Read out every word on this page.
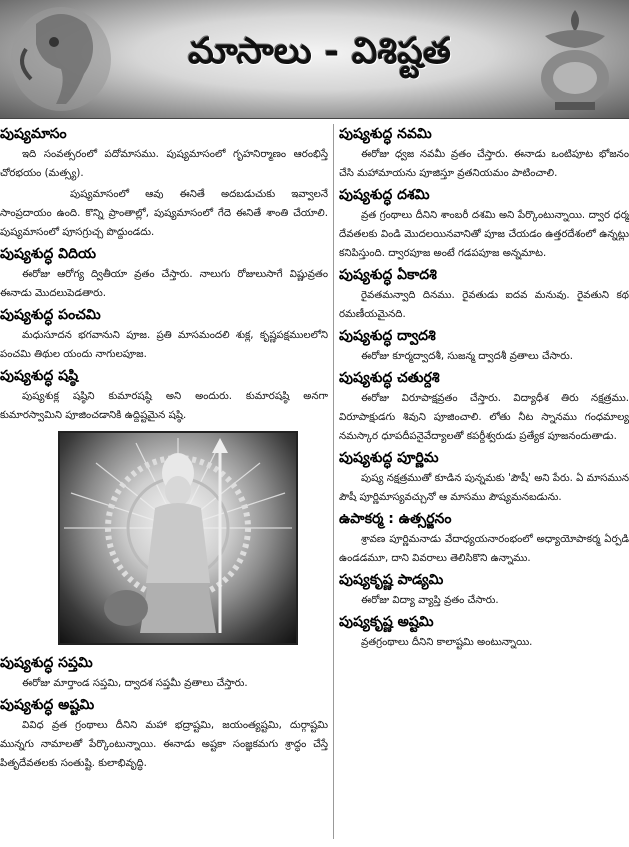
మాసాలు - విశిష్టత
పుష్యమాసం

ఇది సంవత్సరంలో పదోమాసము. పుష్యమాసంలో గృహనిర్మాణం ఆరంభిస్తే చోరభయం (మత్స్య).

పుష్యమాసంలో ఆవు ఈనితే అదబడుచుకు ఇవ్వాలనే సాంప్రదాయం ఉంది. కొన్ని ప్రాంతాల్లో, పుష్యమాసంలో గేదె ఈనితే శాంతి చేయాలి. పుష్యమాసంలో పూసగ్రుచ్చ పొద్దుండదు.

పుష్యశుద్ధ విదియ

ఈరోజు ఆరోగ్య ద్వితీయా వ్రతం చేస్తారు. నాలుగు రోజులుసాగే విష్ణువ్రతం ఈనాడు మొదలుపెడతారు.

పుష్యశుద్ధ పంచమి

మధుసూదన భగవానుని పూజ. ప్రతి మాసమందలి శుక్ల, కృష్ణపక్షములలోని పంచమి తిథుల యందు నాగులపూజ.

పుష్యశుద్ధ షష్ఠి

పుష్యశుక్ల షష్ఠిని కుమారషష్ఠి అని అందురు. కుమారషష్ఠి అనగా కుమారస్వామిని పూజించడానికి ఉద్దిష్టమైన షష్ఠి.

పుష్యశుద్ధ సప్తమి

ఈరోజు మార్తాండ సప్తమి, ద్వాదశ సప్తమీ వ్రతాలు చేస్తారు.

పుష్యశుద్ధ అష్టమి

వివిధ వ్రత గ్రంథాలు దీనిని మహా భద్రాష్టమి, జయంత్యష్టమి, దుర్గాష్టమి మున్నగు నామాలతో పేర్కొంటున్నాయి. ఈనాడు అష్టకా సంజ్ఞకమగు శ్రాద్ధం చేస్తే పితృదేవతలకు సంతుష్టి. కులాభివృద్ధి.

పుష్యశుద్ధ నవమి

ఈరోజు ధ్వజ నవమీ వ్రతం చేస్తారు. ఈనాడు ఒంటిపూట భోజనం చేసి మహామాయను పూజిస్తూ వ్రతనియమం పాటించాలి.

పుష్యశుద్ధ దశమి

వ్రత గ్రంథాలు దీనిని శాంబరీ దశమి అని పేర్కొంటున్నాయి. ద్వార ధర్మ దేవతలకు విండి మొదలయినవానితో పూజ చేయడం ఉత్తరదేశంలో ఉన్నట్లు కనిపిస్తుంది. ద్వారపూజ అంటే గడపపూజ అన్నమాట.

పుష్యశుద్ధ ఏకాదశి

రైవతమన్వాది దినము. రైవతుడు ఐదవ మనువు. రైవతుని కథ రమణీయమైనది.

పుష్యశుద్ధ ద్వాదశి

ఈరోజు కూర్మద్వాదశీ, సుజన్మ ద్వాదశీ వ్రతాలు చేసారు.

పుష్యశుద్ధ చతుర్దశి

ఈరోజు విరూపాక్షవ్రతం చేస్తారు. విద్యాధీశ తిరు నక్షత్రము. విరూపాక్షుడగు శివుని పూజించాలి. లోతు నీట స్నానము గంధమాల్య నమస్కార ధూపదీపనైవేద్యాలతో కపర్దీశ్వరుడు ప్రత్యేక పూజనందుతాడు.

పుష్యశుద్ధ పూర్ణిమ

పుష్య నక్షత్రముతో కూడిన పున్నమకు 'పౌషీ' అని పేరు. ఏ మాసమున పౌషీ పూర్ణిమాస్యవచ్చునో ఆ మాసము పౌష్యమనబడును.

ఉపాకర్మ : ఉత్సర్జనం

శ్రావణ పూర్ణిమనాడు వేదాధ్యయనారంభంలో అధ్యాయోపాకర్మ ఏర్పడి ఉండడమూ, దాని వివరాలు తెలిసికొని ఉన్నాము.

పుష్యకృష్ణ పాడ్యమి

ఈరోజు విద్యా వ్యాప్తి వ్రతం చేసారు.

పుష్యకృష్ణ అష్టమి

వ్రతగ్రంథాలు దీనిని కాలాష్టమి అంటున్నాయి.
